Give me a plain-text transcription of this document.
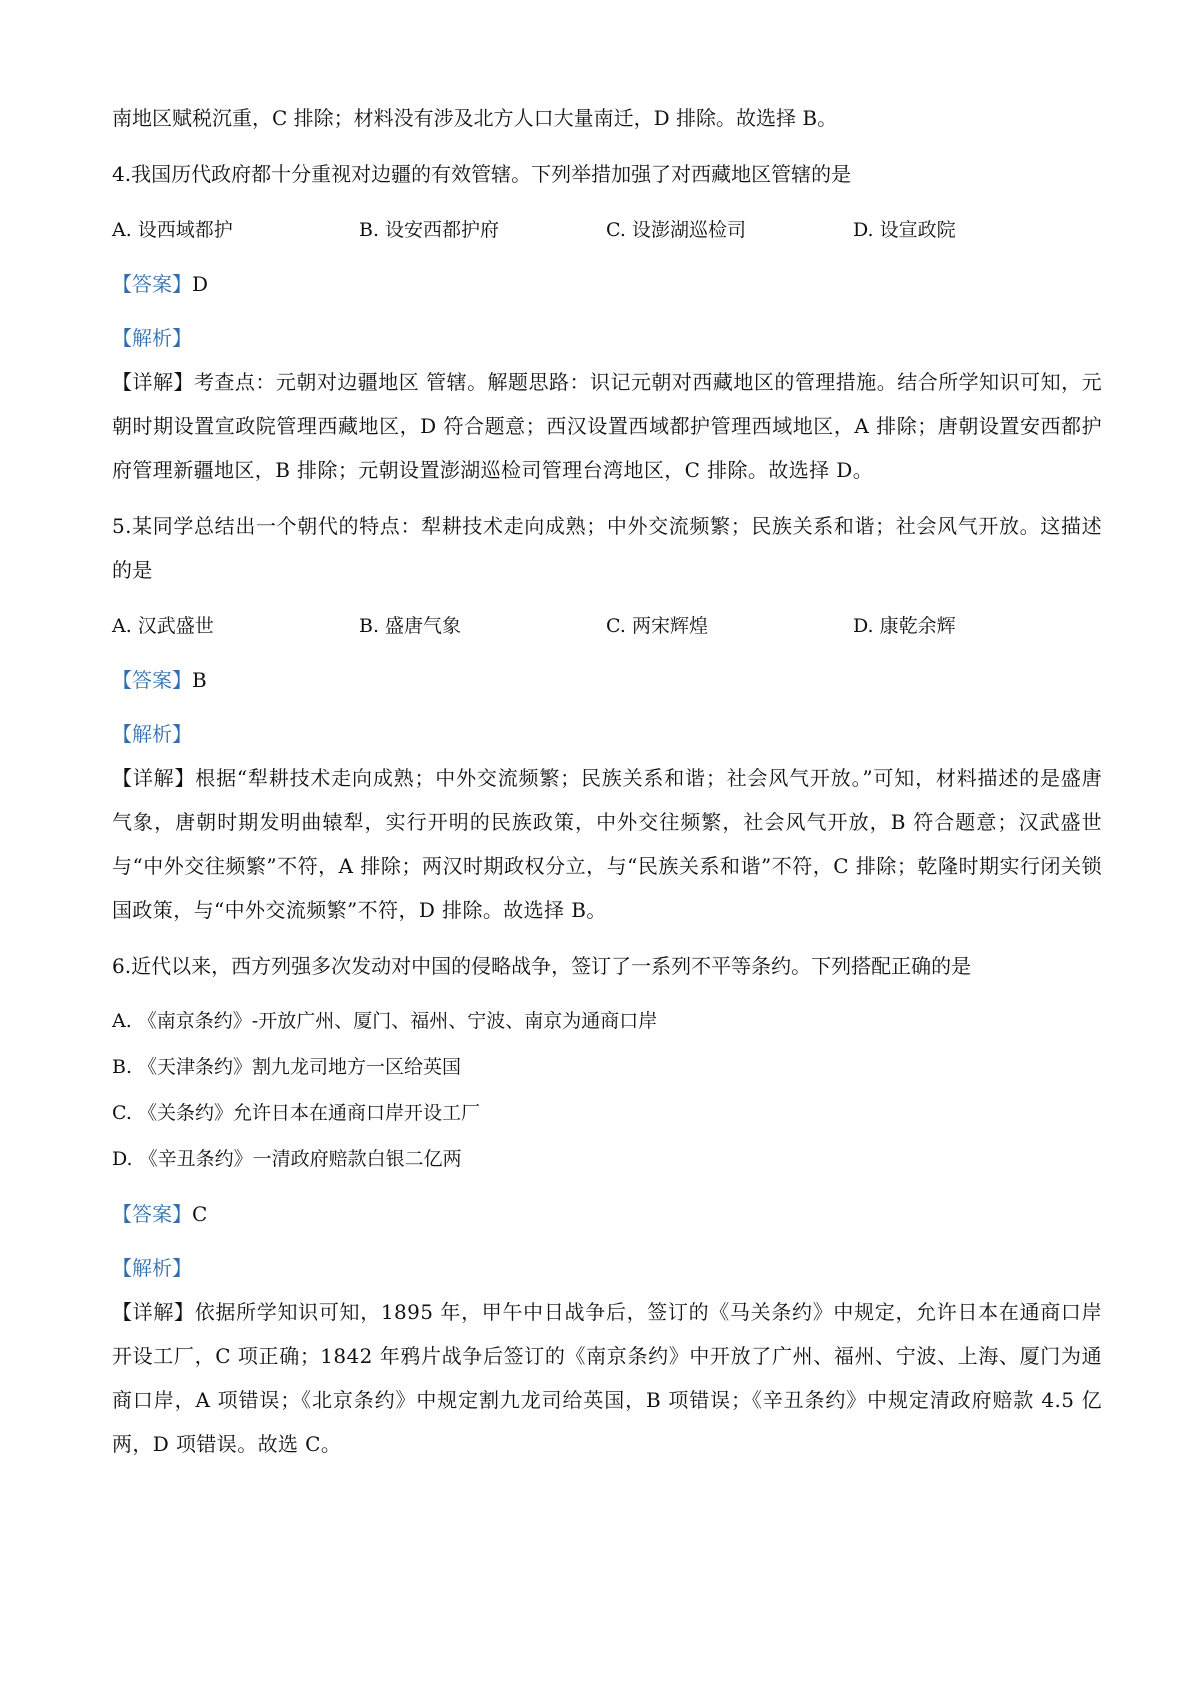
南地区赋税沉重，C 排除；材料没有涉及北方人口大量南迁，D 排除。故选择 B。
4.我国历代政府都十分重视对边疆的有效管辖。下列举措加强了对西藏地区管辖的是
A. 设西域都护	B. 设安西都护府	C. 设澎湖巡检司	D. 设宣政院
【答案】D
【解析】
【详解】考查点：元朝对边疆地区 管辖。解题思路：识记元朝对西藏地区的管理措施。结合所学知识可知，元朝时期设置宣政院管理西藏地区，D 符合题意；西汉设置西域都护管理西域地区，A 排除；唐朝设置安西都护府管理新疆地区，B 排除；元朝设置澎湖巡检司管理台湾地区，C 排除。故选择 D。
5.某同学总结出一个朝代的特点：犁耕技术走向成熟；中外交流频繁；民族关系和谐；社会风气开放。这描述的是
A. 汉武盛世	B. 盛唐气象	C. 两宋辉煌	D. 康乾余辉
【答案】B
【解析】
【详解】根据“犁耕技术走向成熟；中外交流频繁；民族关系和谐；社会风气开放。”可知，材料描述的是盛唐气象，唐朝时期发明曲辕犁，实行开明的民族政策，中外交往频繁，社会风气开放，B 符合题意；汉武盛世与“中外交往频繁”不符，A 排除；两汉时期政权分立，与“民族关系和谐”不符，C 排除；乾隆时期实行闭关锁国政策，与“中外交流频繁”不符，D 排除。故选择 B。
6.近代以来，西方列强多次发动对中国的侵略战争，签订了一系列不平等条约。下列搭配正确的是
A. 《南京条约》-开放广州、厦门、福州、宁波、南京为通商口岸
B. 《天津条约》割九龙司地方一区给英国
C. 《关条约》允许日本在通商口岸开设工厂
D. 《辛丑条约》一清政府赔款白银二亿两
【答案】C
【解析】
【详解】依据所学知识可知，1895 年，甲午中日战争后，签订的《马关条约》中规定，允许日本在通商口岸开设工厂，C 项正确；1842 年鸦片战争后签订的《南京条约》中开放了广州、福州、宁波、上海、厦门为通商口岸，A 项错误；《北京条约》中规定割九龙司给英国，B 项错误；《辛丑条约》中规定清政府赔款 4.5 亿两，D 项错误。故选 C。
